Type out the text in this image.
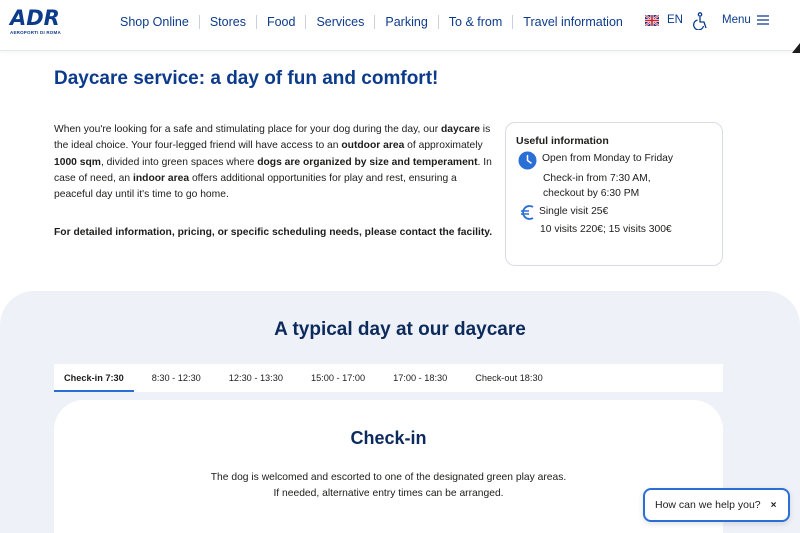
ADR
AEROPORTI DI ROMA
Shop Online	Stores	Food	Services	Parking	To & from	Travel information	EN	Menu
Daycare service: a day of fun and comfort!

When you're looking for a safe and stimulating place for your dog during the day, our daycare is the ideal choice. Your four-legged friend will have access to an outdoor area of approximately 1000 sqm, divided into green spaces where dogs are organized by size and temperament. In case of need, an indoor area offers additional opportunities for play and rest, ensuring a peaceful day until it's time to go home.

For detailed information, pricing, or specific scheduling needs, please contact the facility.

Useful information
Open from Monday to Friday
Check-in from 7:30 AM,
checkout by 6:30 PM
Single visit 25€
10 visits 220€; 15 visits 300€
A typical day at our daycare
Check-in 7:30	8:30 - 12:30	12:30 - 13:30	15:00 - 17:00	17:00 - 18:30	Check-out 18:30
Check-in
The dog is welcomed and escorted to one of the designated green play areas.
If needed, alternative entry times can be arranged.
How can we help you? ×
